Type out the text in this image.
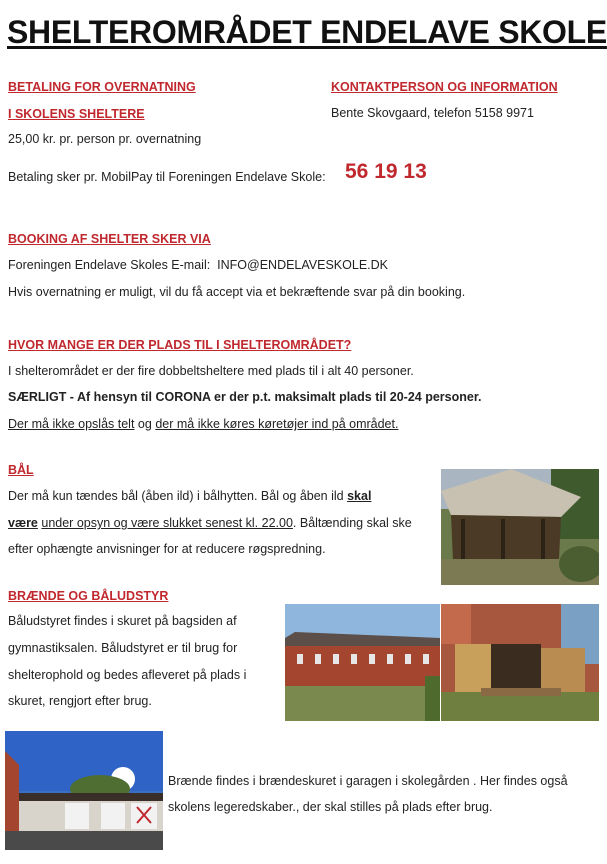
SHELTEROMRÅDET ENDELAVE SKOLE
BETALING FOR OVERNATNING
I SKOLENS SHELTERE
25,00 kr. pr. person pr. overnatning
Betaling sker pr. MobilPay til Foreningen Endelave Skole: 56 19 13
KONTAKTPERSON OG INFORMATION
Bente Skovgaard, telefon 5158 9971
BOOKING AF SHELTER SKER VIA
Foreningen Endelave Skoles E-mail: INFO@ENDELAVESKOLE.DK
Hvis overnatning er muligt, vil du få accept via et bekræftende svar på din booking.
HVOR MANGE ER DER PLADS TIL I SHELTEROMRÅDET?
I shelterområdet er der fire dobbeltsheltere med plads til i alt 40 personer.
SÆRLIGT - Af hensyn til CORONA er der p.t. maksimalt plads til 20-24 personer.
Der må ikke opslås telt og der må ikke køres køretøjer ind på området.
BÅL
Der må kun tændes bål (åben ild) i bålhytten. Bål og åben ild skal
være under opsyn og være slukket senest kl. 22.00. Båltænding skal ske
efter ophængte anvisninger for at reducere røgspredning.
BRÆNDE OG BÅLUDSTYR
Båludstyret findes i skuret på bagsiden af
gymnastiksalen. Båludstyret er til brug for
shelterophold og bedes afleveret på plads i
skuret, rengjort efter brug.
Brænde findes i brændeskuret i garagen i skolegården . Her findes også
skolens legeredskaber., der skal stilles på plads efter brug.
